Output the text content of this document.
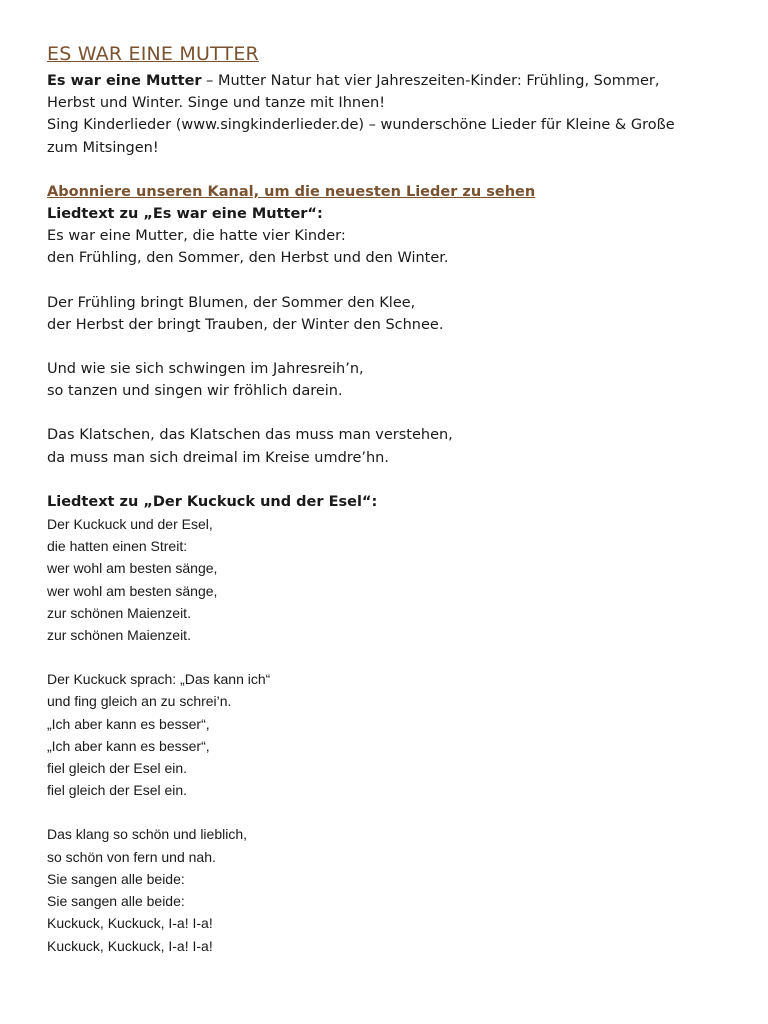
ES WAR EINE MUTTER

Es war eine Mutter – Mutter Natur hat vier Jahreszeiten-Kinder: Frühling, Sommer,

Herbst und Winter. Singe und tanze mit Ihnen!

Sing Kinderlieder (www.singkinderlieder.de) – wunderschöne Lieder für Kleine & Große

zum Mitsingen!

Abonniere unseren Kanal, um die neuesten Lieder zu sehen

Liedtext zu „Es war eine Mutter“:

Es war eine Mutter, die hatte vier Kinder:

den Frühling, den Sommer, den Herbst und den Winter.

Der Frühling bringt Blumen, der Sommer den Klee,

der Herbst der bringt Trauben, der Winter den Schnee.

Und wie sie sich schwingen im Jahresreih’n,

so tanzen und singen wir fröhlich darein.

Das Klatschen, das Klatschen das muss man verstehen,

da muss man sich dreimal im Kreise umdre’hn.

Liedtext zu „Der Kuckuck und der Esel“:

Der Kuckuck und der Esel,

die hatten einen Streit:

wer wohl am besten sänge,

wer wohl am besten sänge,

zur schönen Maienzeit.

zur schönen Maienzeit.

Der Kuckuck sprach: „Das kann ich“

und fing gleich an zu schrei’n.

„Ich aber kann es besser“,

„Ich aber kann es besser“,

fiel gleich der Esel ein.

fiel gleich der Esel ein.

Das klang so schön und lieblich,

so schön von fern und nah.

Sie sangen alle beide:

Sie sangen alle beide:

Kuckuck, Kuckuck, I-a! I-a!

Kuckuck, Kuckuck, I-a! I-a!
